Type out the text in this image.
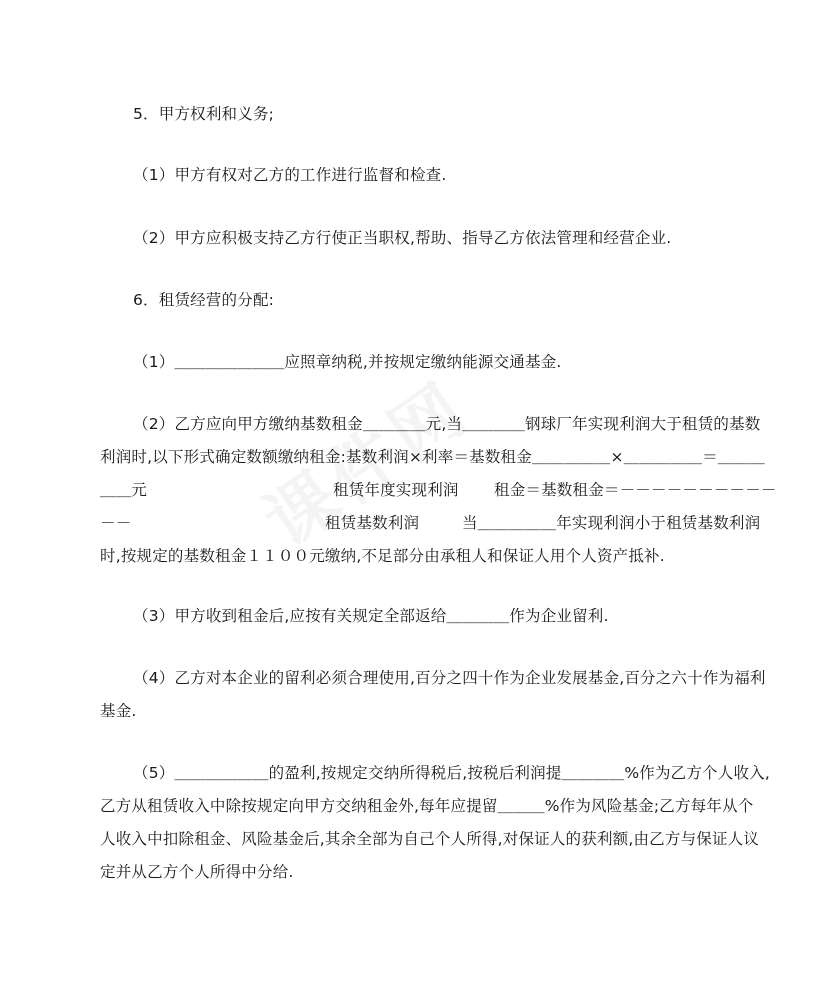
5．甲方权利和义务;
（1）甲方有权对乙方的工作进行监督和检查.
（2）甲方应积极支持乙方行使正当职权,帮助、指导乙方依法管理和经营企业.
6．租赁经营的分配:
（1）＿＿＿＿＿＿＿应照章纳税,并按规定缴纳能源交通基金.
（2）乙方应向甲方缴纳基数租金＿＿＿＿元,当＿＿＿＿钢球厂年实现利润大于租赁的基数
利润时,以下形式确定数额缴纳租金:基数利润×利率＝基数租金＿＿＿＿＿×＿＿＿＿＿＝＿＿＿
＿＿元	租赁年度实现利润 租金＝基数租金＝－－－－－－－－－－
－－	租赁基数利润	当＿＿＿＿＿年实现利润小于租赁基数利润
时,按规定的基数租金１１００元缴纳,不足部分由承租人和保证人用个人资产抵补.
（3）甲方收到租金后,应按有关规定全部返给＿＿＿＿作为企业留利.
（4）乙方对本企业的留利必须合理使用,百分之四十作为企业发展基金,百分之六十作为福利
基金.
（5）＿＿＿＿＿＿的盈利,按规定交纳所得税后,按税后利润提＿＿＿＿%作为乙方个人收入,
乙方从租赁收入中除按规定向甲方交纳租金外,每年应提留＿＿＿%作为风险基金;乙方每年从个
人收入中扣除租金、风险基金后,其余全部为自己个人所得,对保证人的获利额,由乙方与保证人议
定并从乙方个人所得中分给.
